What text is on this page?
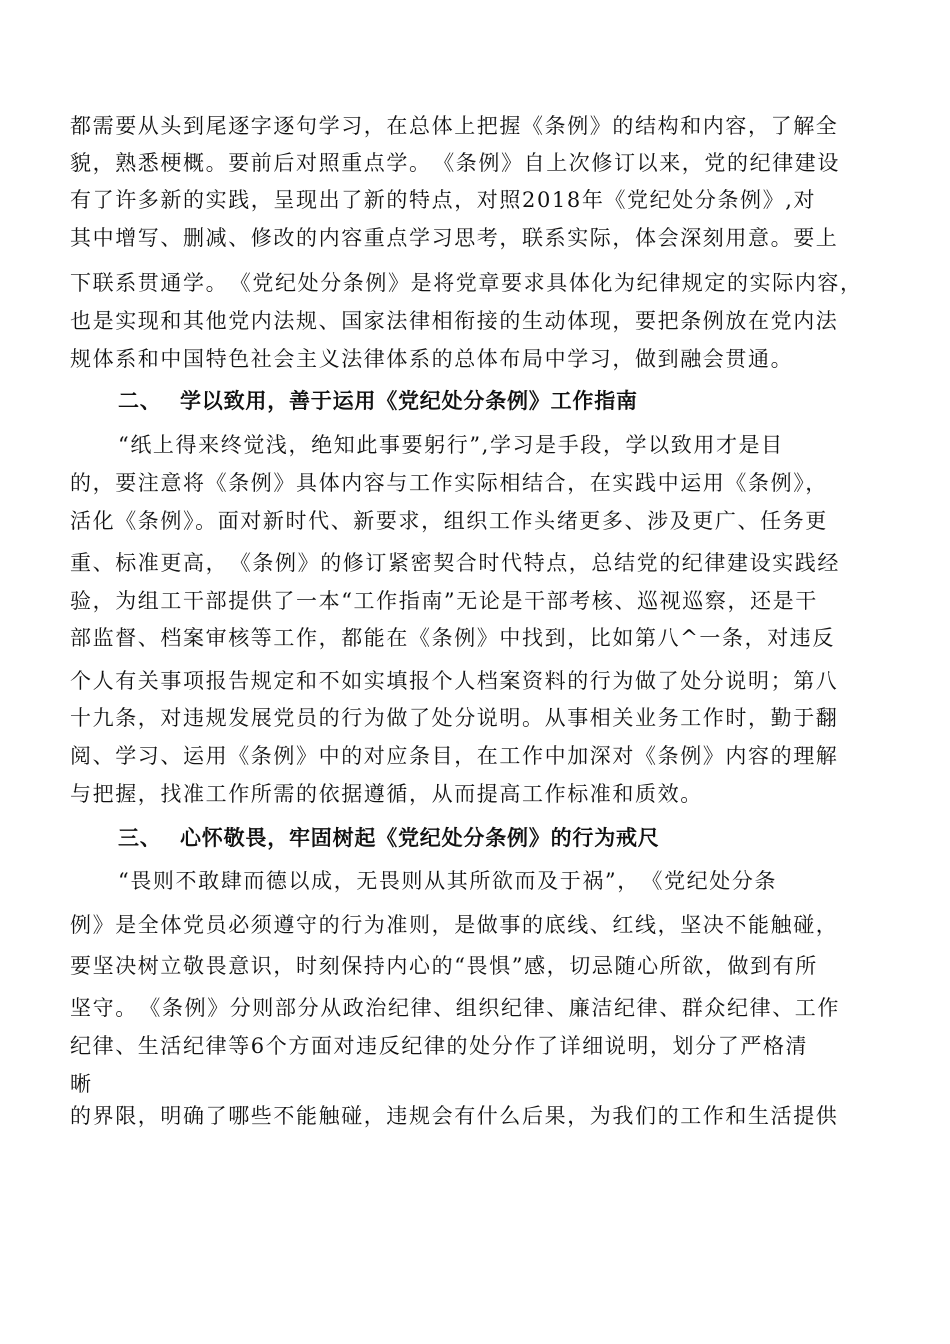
都需要从头到尾逐字逐句学习，在总体上把握《条例》的结构和内容，了解全
貌，熟悉梗概。要前后对照重点学。　《条例》自上次修订以来，党的纪律建设
有了许多新的实践，呈现出了新的特点，对照2018年《党纪处分条例》,对
其中增写、删减、修改的内容重点学习思考，联系实际，体会深刻用意。要上
下联系贯通学。　《党纪处分条例》是将党章要求具体化为纪律规定的实际内容，
也是实现和其他党内法规、国家法律相衔接的生动体现，要把条例放在党内法
规体系和中国特色社会主义法律体系的总体布局中学习，做到融会贯通。
二、 学以致用，善于运用《党纪处分条例》工作指南
“纸上得来终觉浅，绝知此事要躬行”,学习是手段，学以致用才是目
的，要注意将《条例》具体内容与工作实际相结合，在实践中运用《条例》，
活化《条例》。面对新时代、新要求，组织工作头绪更多、涉及更广、任务更
重、标准更高，　《条例》的修订紧密契合时代特点，总结党的纪律建设实践经
验，为组工干部提供了一本“工作指南”无论是干部考核、巡视巡察，还是干
部监督、档案审核等工作，都能在《条例》中找到，比如第八^一条，对违反
个人有关事项报告规定和不如实填报个人档案资料的行为做了处分说明；第八
十九条，对违规发展党员的行为做了处分说明。从事相关业务工作时，勤于翻
阅、学习、运用《条例》中的对应条目，在工作中加深对《条例》内容的理解
与把握，找准工作所需的依据遵循，从而提高工作标准和质效。
三、 心怀敬畏，牢固树起《党纪处分条例》的行为戒尺
“畏则不敢肆而德以成，无畏则从其所欲而及于祸”，　《党纪处分条
例》是全体党员必须遵守的行为准则，是做事的底线、红线，坚决不能触碰，
要坚决树立敬畏意识，时刻保持内心的“畏惧”感，切忌随心所欲，做到有所
坚守。　《条例》分则部分从政治纪律、组织纪律、廉洁纪律、群众纪律、工作
纪律、生活纪律等6个方面对违反纪律的处分作了详细说明，划分了严格清
晰
的界限，明确了哪些不能触碰，违规会有什么后果，为我们的工作和生活提供
